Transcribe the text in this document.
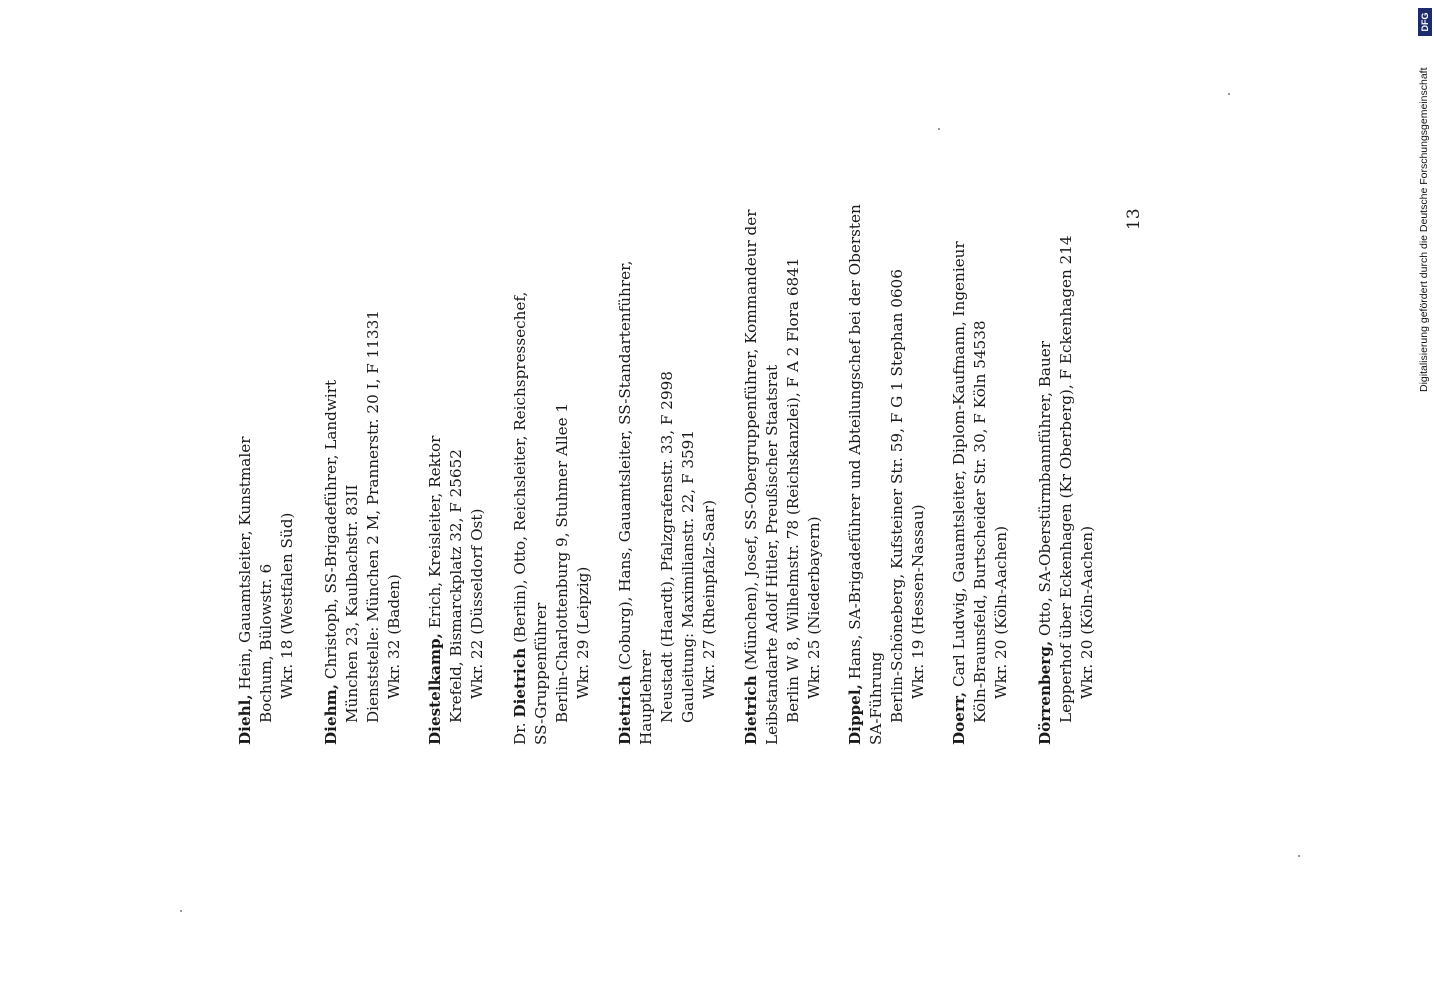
Diehl, Hein, Gauamtsleiter, Kunstmaler Bochum, Bülowstr. 6 Wkr. 18 (Westfalen Süd)
Diehm, Christoph, SS-Brigadeführer, Landwirt München 23, Kaulbachstr. 83II Dienststelle: München 2 M, Prannerstr. 20 I, F 11331 Wkr. 32 (Baden) Diestelkamp, Erich, Kreisleiter, Rektor Krefeld, Bismarckplatz 32, F 25652 Wkr. 22 (Düsseldorf Ost)
Dr. Dietrich (Berlin), Otto, Reichsleiter, Reichspressechef,
SS-Gruppenführer Berlin-Charlottenburg 9, Stuhmer Allee 1 Wkr. 29 (Leipzig)
Dietrich (Coburg), Hans, Gauamtsleiter, SS-Standartenführer,
Hauptlehrer Neustadt (Haardt), Pfalzgrafenstr. 33, F 2998 Gauleitung: Maximilianstr. 22, F 3591 Wkr. 27 (Rheinpfalz-Saar)
Dietrich (München), Josef, SS-Obergruppenführer, Kommandeur der Leibstandarte Adolf Hitler, Preußischer Staatsrat Berlin W 8, Wilhelmstr. 78 (Reichskanzlei), F A 2 Flora 6841 Wkr. 25 (Niederbayern)
Dippel, Hans, SA-Brigadeführer und Abteilungschef bei der Obersten
SA-Führung Berlin-Schöneberg, Kufsteiner Str. 59, F G 1 Stephan 0606 Wkr. 19 (Hessen-Nassau)
Doerr, Carl Ludwig, Gauamtsleiter, Diplom-Kaufmann, Ingenieur Köln-Braunsfeld, Burtscheider Str. 30, F Köln 54538 Wkr. 20 (Köln-Aachen) Dörrenberg, Otto, SA-Oberstürmbannführer, Bauer Lepperhof über Eckenhagen (Kr Oberberg), F Eckenhagen 214 Wkr. 20 (Köln-Aachen)
13	Digitalisierung gefördert durch die Deutsche Forschungsgemeinschaft
DFG
